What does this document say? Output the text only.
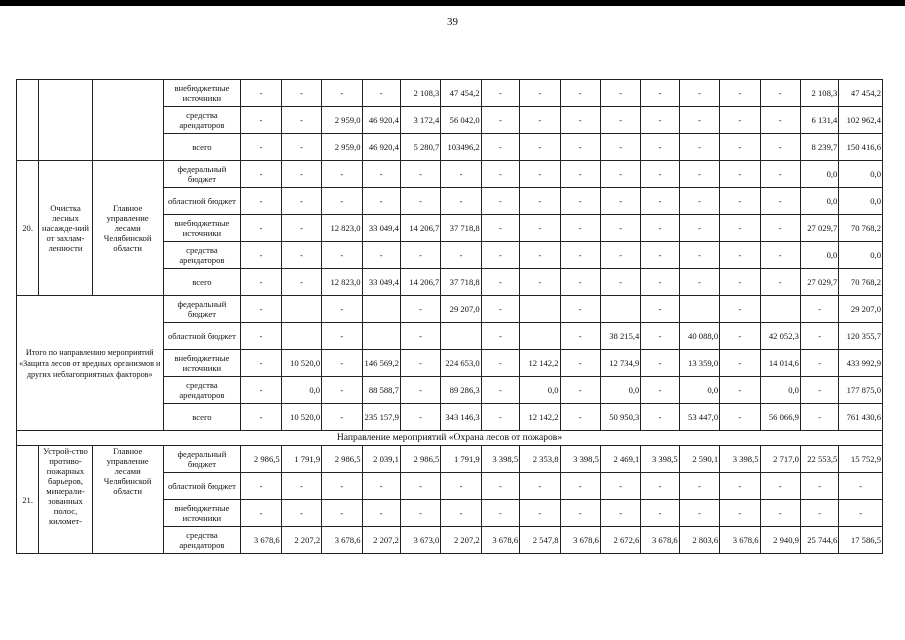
39
			внебюджетные источники	-	-	-	-	2 108,3	47 454,2	-	-	-	-	-	-	-	-	2 108,3	47 454,2
			средства арендаторов	-	-	2 959,0	46 920,4	3 172,4	56 042,0	-	-	-	-	-	-	-	-	6 131,4	102 962,4
			всего	-	-	2 959,0	46 920,4	5 280,7	103496,2	-	-	-	-	-	-	-	-	8 239,7	150 416,6
20.	Очистка лесных насажде-ний от захлам-ленности	Главное управление лесами Челябинской области	федеральный бюджет	-	-	-	-	-	-	-	-	-	-	-	-	-	-	0,0	0,0
			областной бюджет	-	-	-	-	-	-	-	-	-	-	-	-	-	-	0,0	0,0
			внебюджетные источники	-	-	12 823,0	33 049,4	14 206,7	37 718,8	-	-	-	-	-	-	-	-	27 029,7	70 768,2
			средства арендаторов	-	-	-	-	-	-	-	-	-	-	-	-	-	-	0,0	0,0
			всего	-	-	12 823,0	33 049,4	14 206,7	37 718,8	-	-	-	-	-	-	-	-	27 029,7	70 768,2
Итого по направлению мероприятий «Защита лесов от вредных организмов и других неблагоприятных факторов»			федеральный бюджет	-		-		-	29 207,0	-		-		-		-		-	29 207,0
			областной бюджет	-		-		-		-		-	38 215,4	-	40 088,0	-	42 052,3	-	120 355,7
			внебюджетные источники	-	10 520,0	-	146 569,2	-	224 653,0	-	12 142,2	-	12 734,9	-	13 359,0	-	14 014,6	-	433 992,9
			средства арендаторов	-	0,0	-	88 588,7	-	89 286,3	-	0,0	-	0,0	-	0,0	-	0,0	-	177 875,0
			всего	-	10 520,0	-	235 157,9	-	343 146,3	-	12 142,2	-	50 950,3	-	53 447,0	-	56 066,9	-	761 430,6
Направление мероприятий «Охрана лесов от пожаров»																			
21.	Устрой-ство противо-пожарных барьеров, минерали-зованных полос, километ-	Главное управление лесами Челябинской области	федеральный бюджет	2 986,5	1 791,9	2 986,5	2 039,1	2 986,5	1 791,9	3 398,5	2 353,8	3 398,5	2 469,1	3 398,5	2 590,1	3 398,5	2 717,0	22 553,5	15 752,9
			областной бюджет	-	-	-	-	-	-	-	-	-	-	-	-	-	-	-	-
			внебюджетные источники	-	-	-	-	-	-	-	-	-	-	-	-	-	-	-	-
			средства арендаторов	3 678,6	2 207,2	3 678,6	2 207,2	3 673,0	2 207,2	3 678,6	2 547,8	3 678,6	2 672,6	3 678,6	2 803,6	3 678,6	2 940,9	25 744,6	17 586,5
